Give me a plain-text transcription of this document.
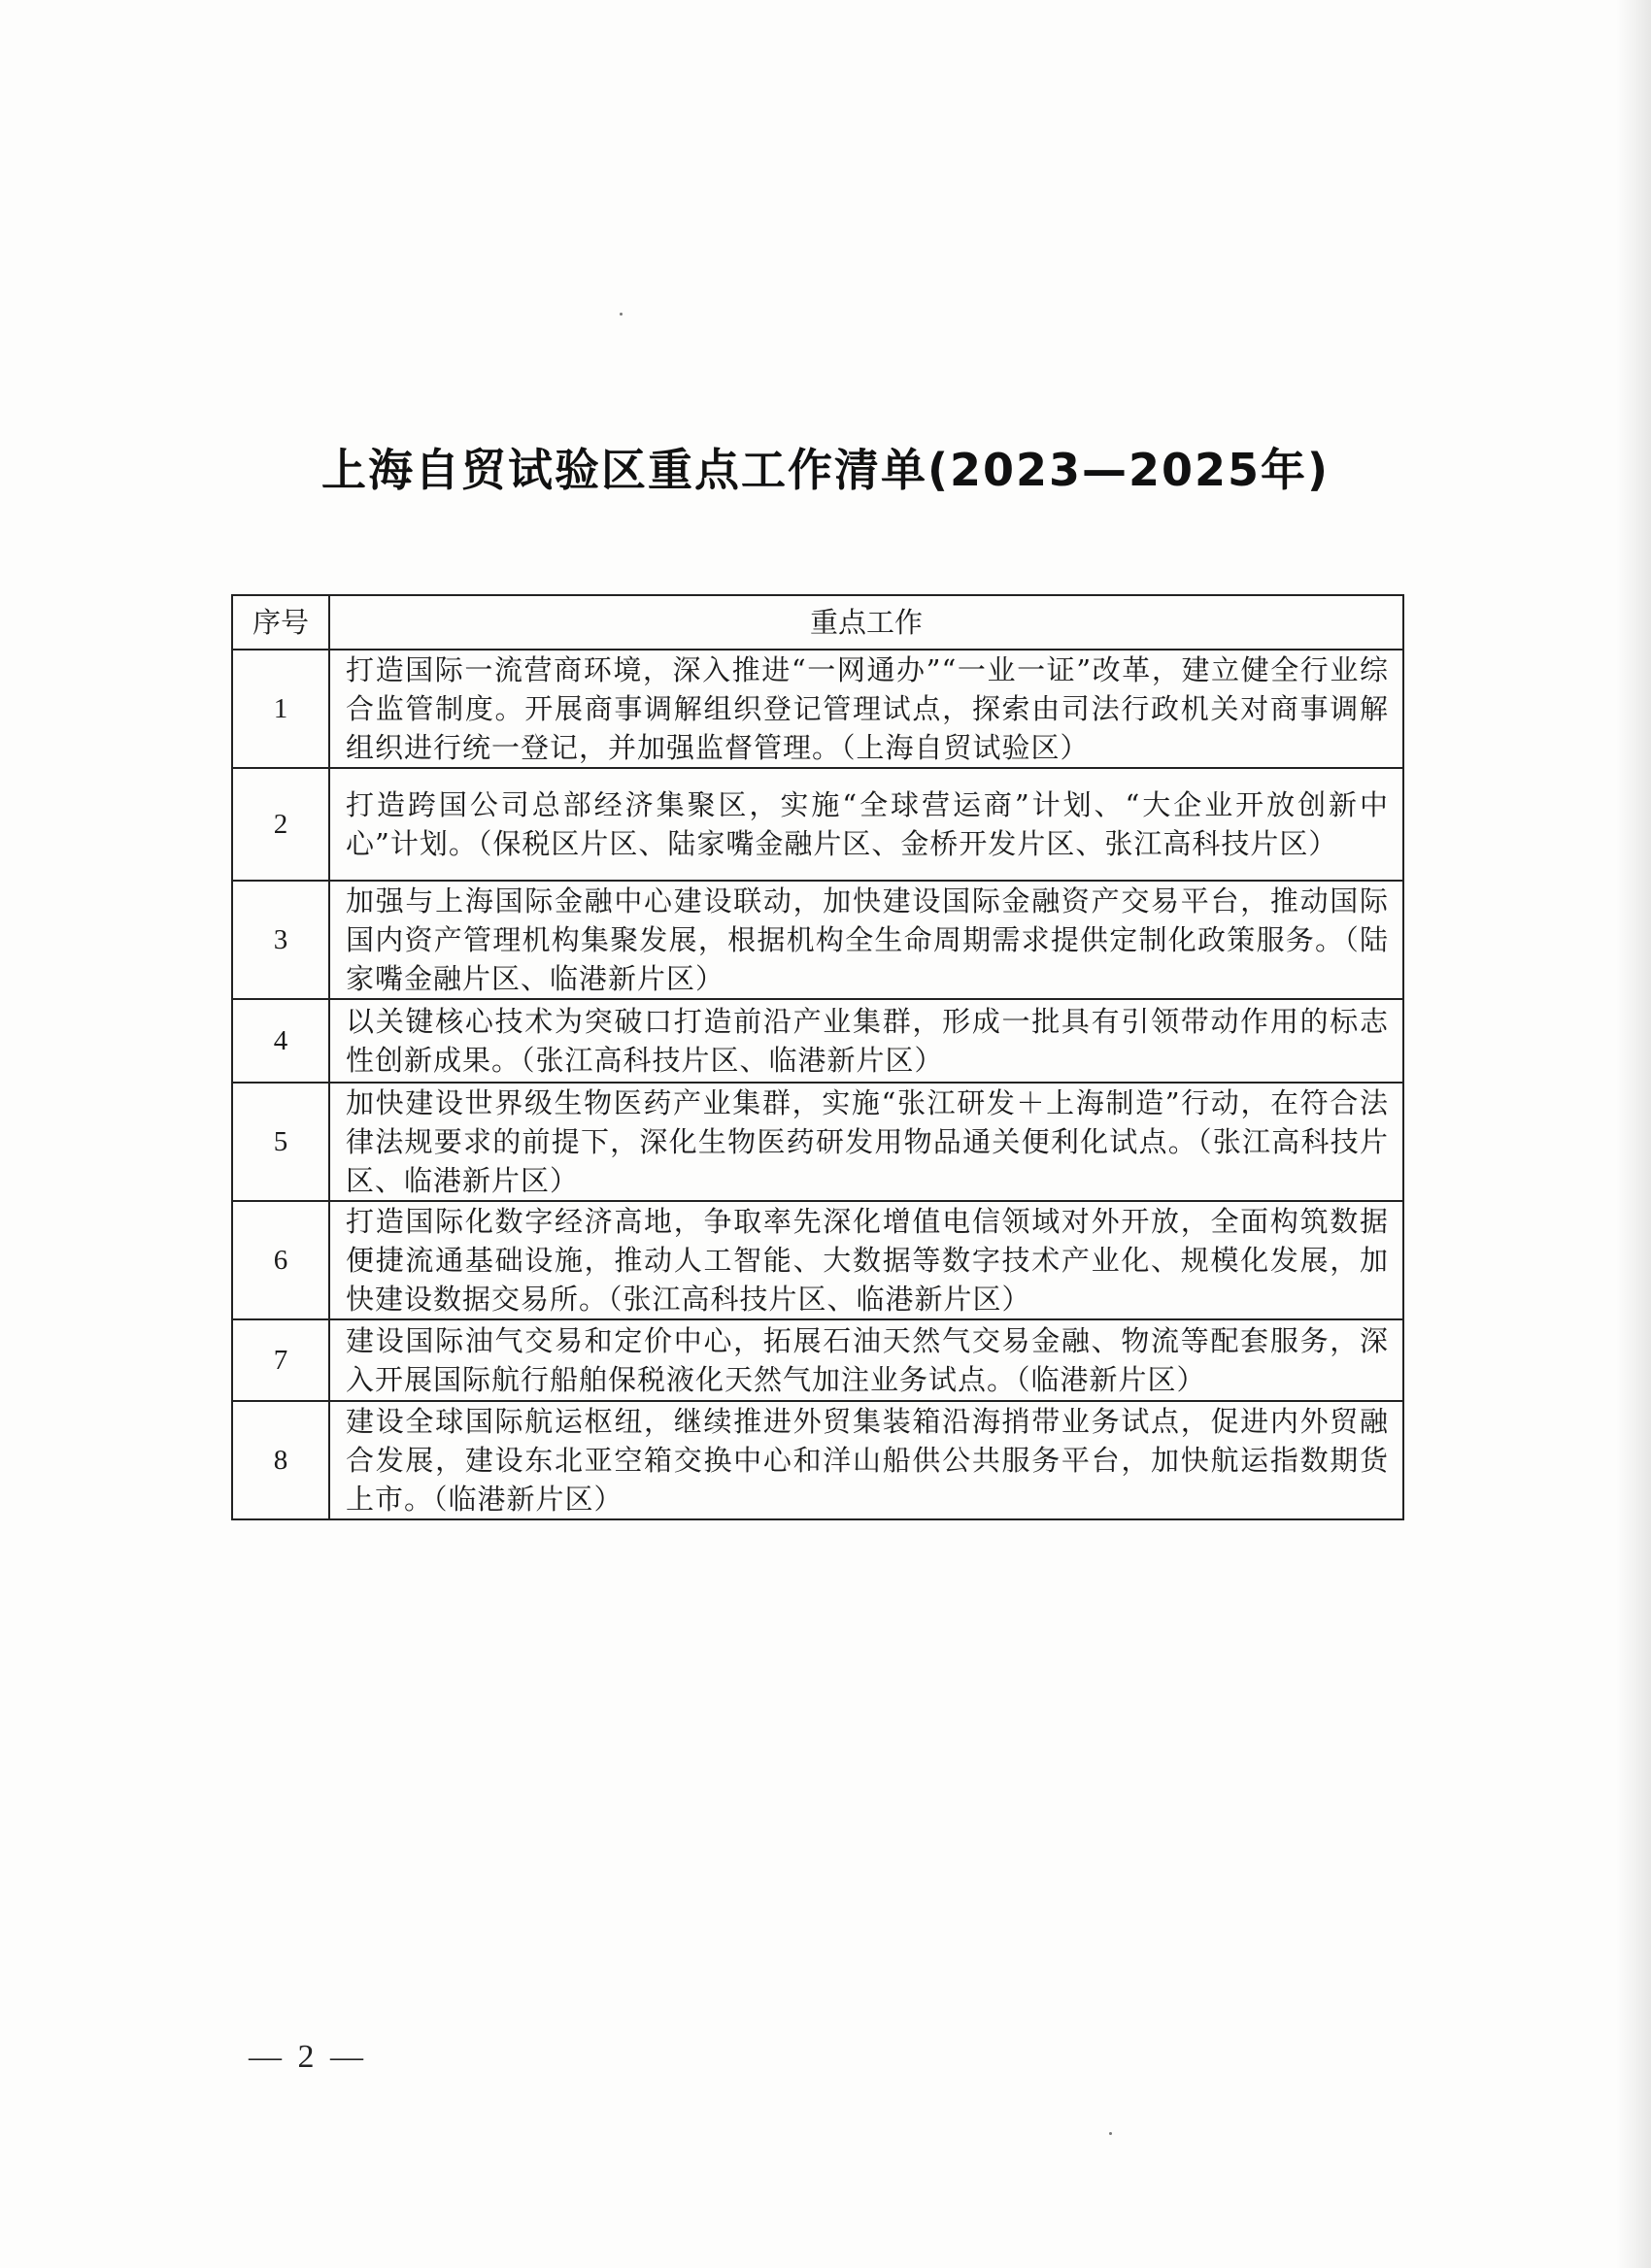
上海自贸试验区重点工作清单(2023—2025年)
序号	重点工作
1	打造国际一流营商环境，深入推进“一网通办”“一业一证”改革，建立健全行业综合监管制度。开展商事调解组织登记管理试点，探索由司法行政机关对商事调解组织进行统一登记，并加强监督管理。（上海自贸试验区）
2	打造跨国公司总部经济集聚区，实施“全球营运商”计划、“大企业开放创新中心”计划。（保税区片区、陆家嘴金融片区、金桥开发片区、张江高科技片区）
3	加强与上海国际金融中心建设联动，加快建设国际金融资产交易平台，推动国际国内资产管理机构集聚发展，根据机构全生命周期需求提供定制化政策服务。（陆家嘴金融片区、临港新片区）
4	以关键核心技术为突破口打造前沿产业集群，形成一批具有引领带动作用的标志性创新成果。（张江高科技片区、临港新片区）
5	加快建设世界级生物医药产业集群，实施“张江研发＋上海制造”行动，在符合法律法规要求的前提下，深化生物医药研发用物品通关便利化试点。（张江高科技片区、临港新片区）
6	打造国际化数字经济高地，争取率先深化增值电信领域对外开放，全面构筑数据便捷流通基础设施，推动人工智能、大数据等数字技术产业化、规模化发展，加快建设数据交易所。（张江高科技片区、临港新片区）
7	建设国际油气交易和定价中心，拓展石油天然气交易金融、物流等配套服务，深入开展国际航行船舶保税液化天然气加注业务试点。（临港新片区）
8	建设全球国际航运枢纽，继续推进外贸集装箱沿海捎带业务试点，促进内外贸融合发展，建设东北亚空箱交换中心和洋山船供公共服务平台，加快航运指数期货上市。（临港新片区）
— 2 —
